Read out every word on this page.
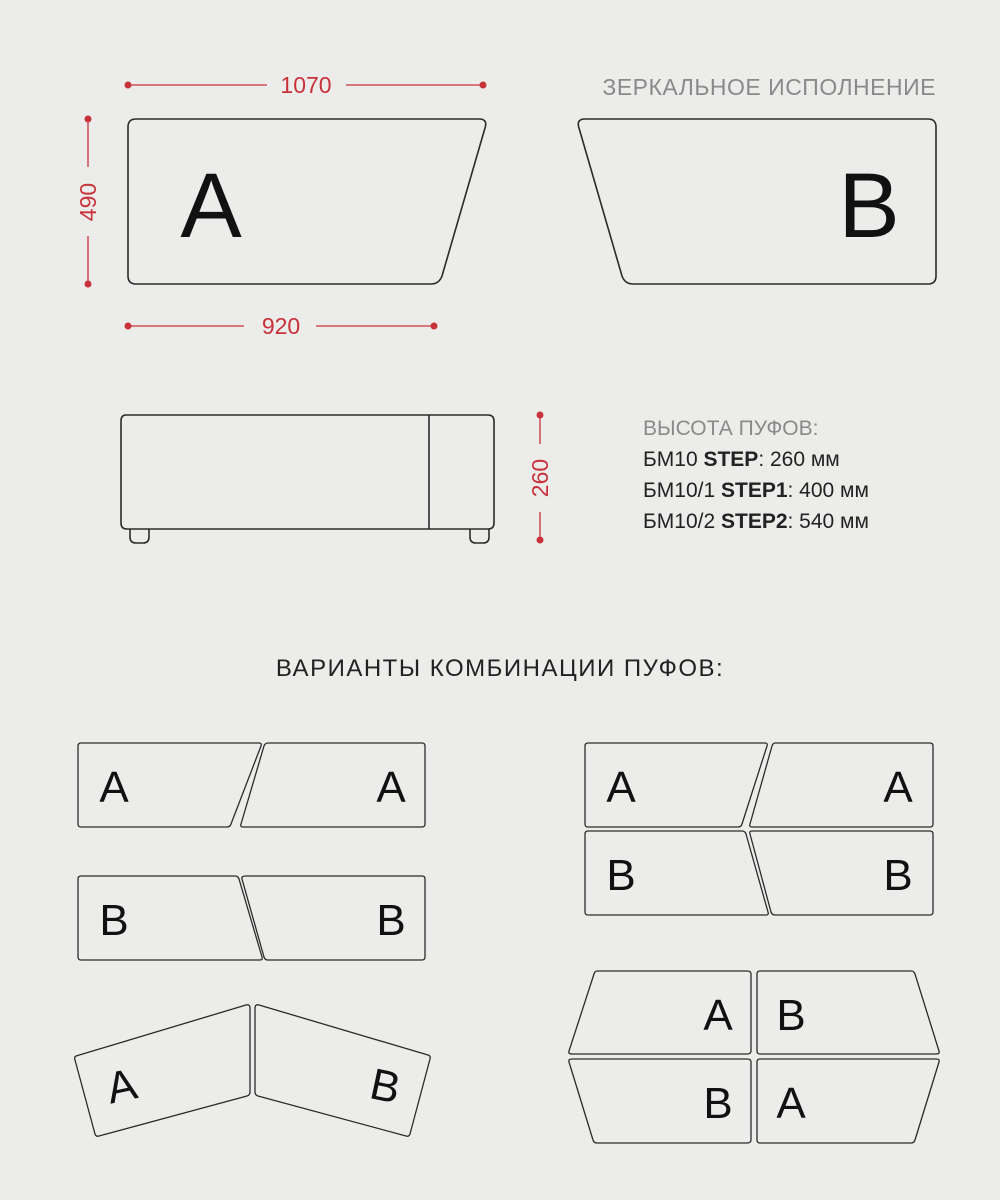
1070
490
920
A	B
260
A	A
B	B
A	B
A	A
B	B
A B
B A
ЗЕРКАЛЬНОЕ ИСПОЛНЕНИЕ
ВЫСОТА ПУФОВ:
БМ10 STEP: 260 мм
БМ10/1 STEP1: 400 мм
БМ10/2 STEP2: 540 мм
ВАРИАНТЫ КОМБИНАЦИИ ПУФОВ:
